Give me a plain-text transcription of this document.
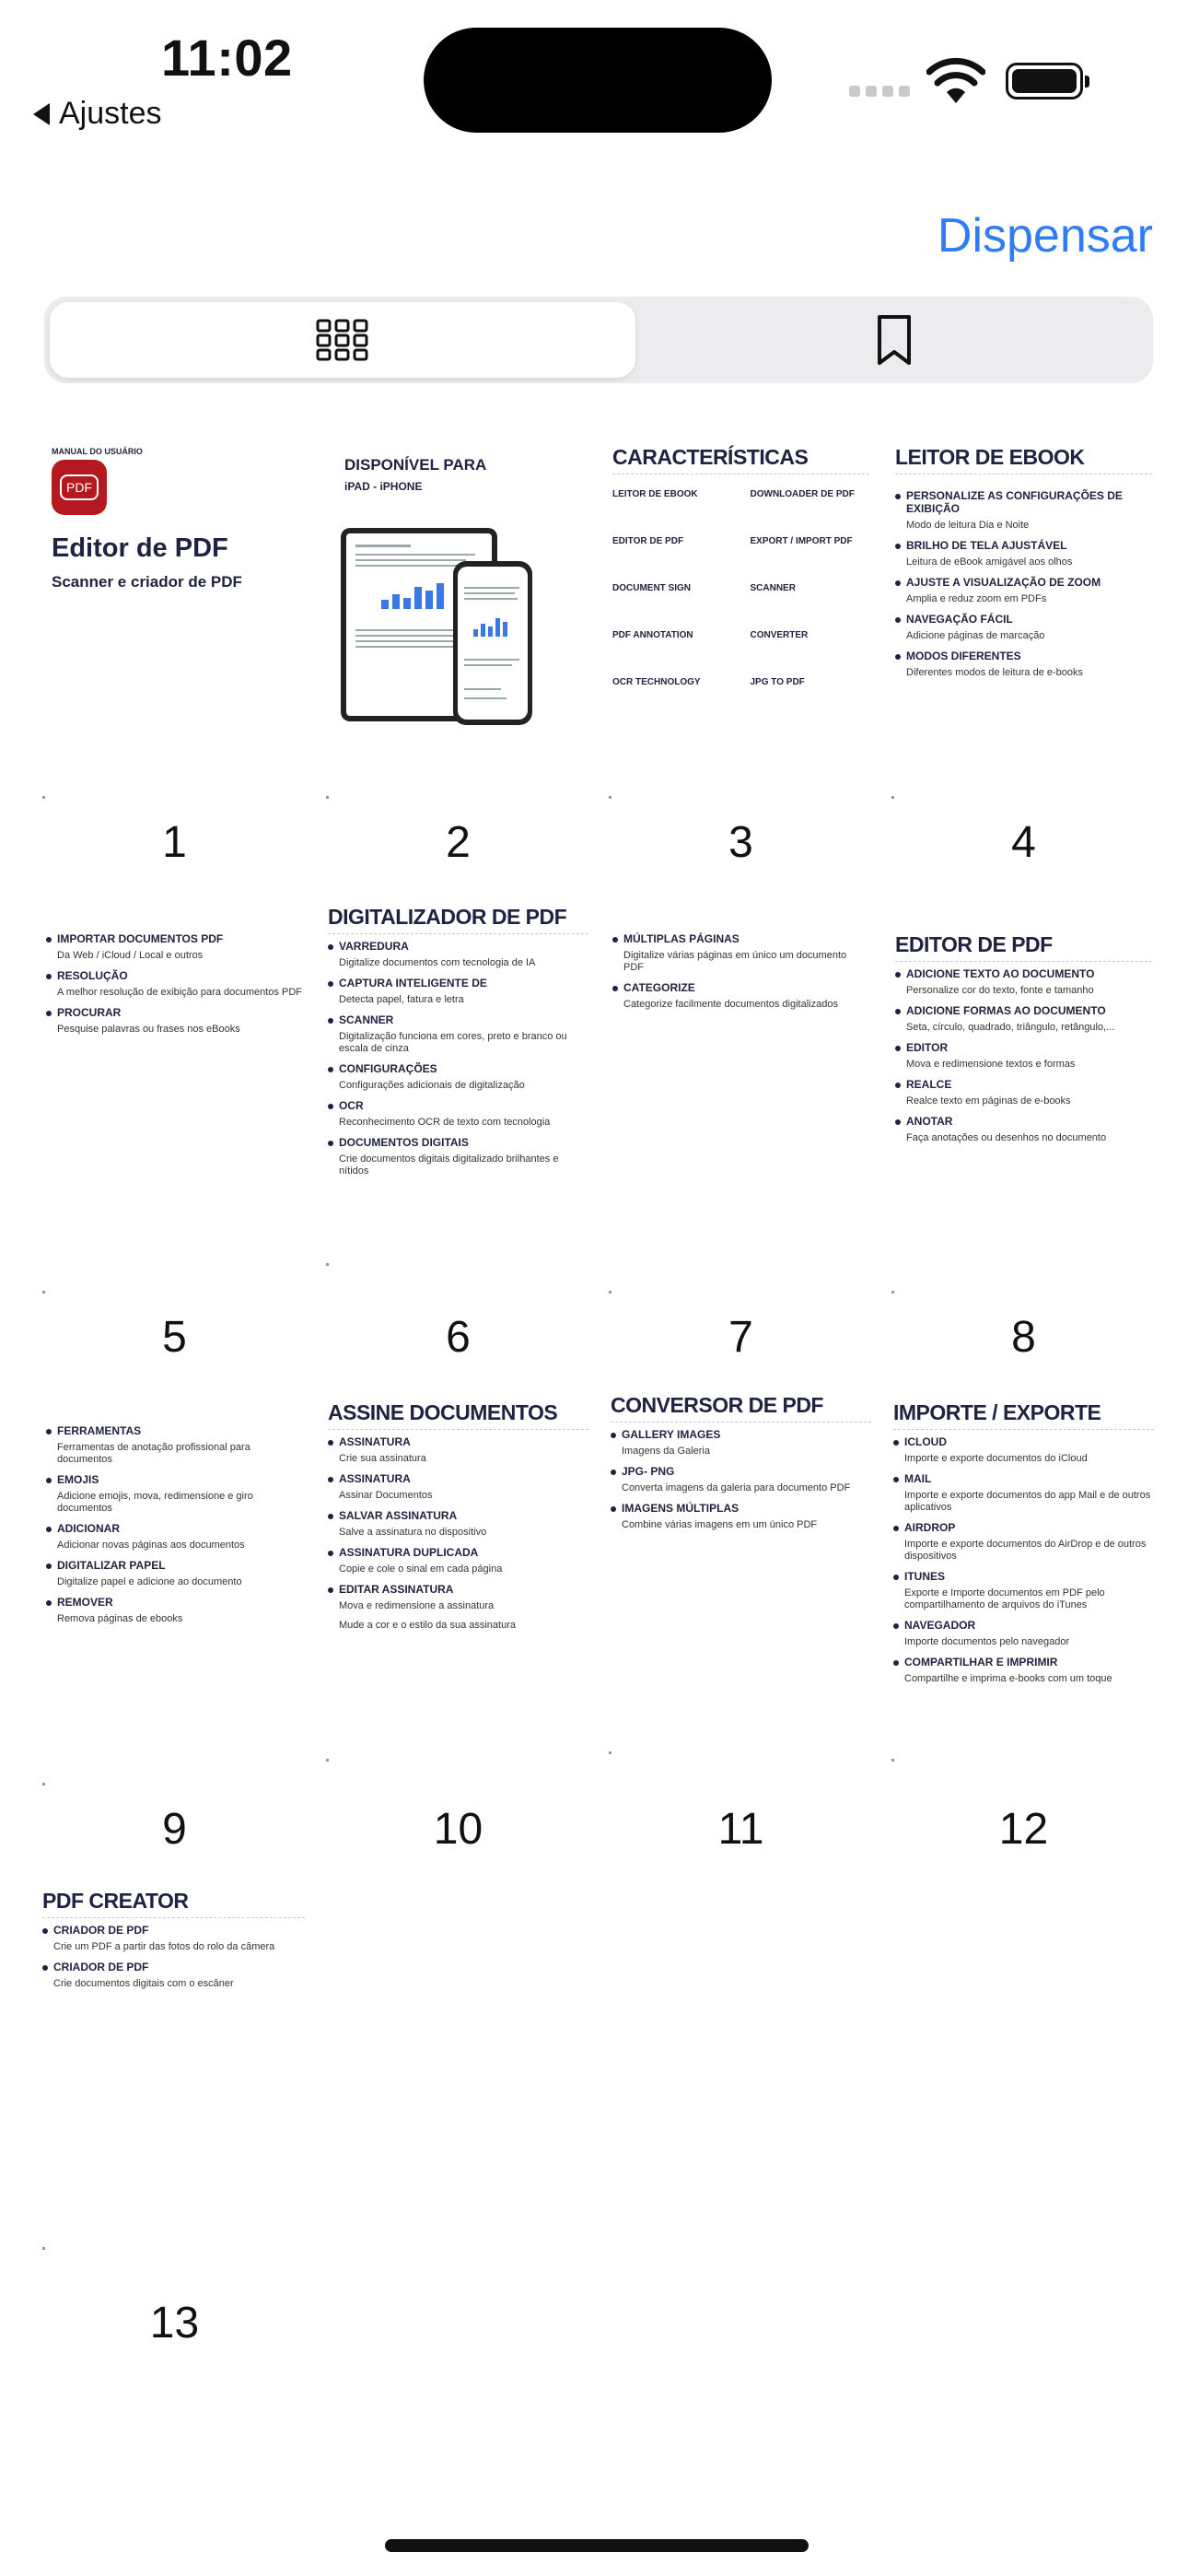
11:02
Ajustes
Dispensar
MANUAL DO USUÁRIO
PDF
Editor de PDF
Scanner e criador de PDF
1
DISPONÍVEL PARA
iPAD - iPHONE
2
CARACTERÍSTICAS
LEITOR DE EBOOK	DOWNLOADER DE PDF
EDITOR DE PDF	EXPORT / IMPORT PDF
DOCUMENT SIGN	SCANNER
PDF ANNOTATION	CONVERTER
OCR TECHNOLOGY	JPG TO PDF
3
LEITOR DE EBOOK
PERSONALIZE AS CONFIGURAÇÕES DE EXIBIÇÃO
Modo de leitura Dia e Noite
BRILHO DE TELA AJUSTÁVEL
Leitura de eBook amigável aos olhos
AJUSTE A VISUALIZAÇÃO DE ZOOM
Amplia e reduz zoom em PDFs
NAVEGAÇÃO FÁCIL
Adicione páginas de marcação
MODOS DIFERENTES
Diferentes modos de leitura de e-books
4
IMPORTAR DOCUMENTOS PDF
Da Web / iCloud / Local e outros
RESOLUÇÃO
A melhor resolução de exibição para documentos PDF
PROCURAR
Pesquise palavras ou frases nos eBooks
5
DIGITALIZADOR DE PDF
VARREDURA
Digitalize documentos com tecnologia de IA
CAPTURA INTELIGENTE DE
Detecta papel, fatura e letra
SCANNER
Digitalização funciona em cores, preto e branco ou escala de cinza
CONFIGURAÇÕES
Configurações adicionais de digitalização
OCR
Reconhecimento OCR de texto com tecnologia
DOCUMENTOS DIGITAIS
Crie documentos digitais digitalizado brilhantes e nítidos
6
MÚLTIPLAS PÁGINAS
Digitalize várias páginas em único um documento PDF
CATEGORIZE
Categorize facilmente documentos digitalizados
7
EDITOR DE PDF
ADICIONE TEXTO AO DOCUMENTO
Personalize cor do texto, fonte e tamanho
ADICIONE FORMAS AO DOCUMENTO
Seta, círculo, quadrado, triângulo, retângulo,...
EDITOR
Mova e redimensione textos e formas
REALCE
Realce texto em páginas de e-books
ANOTAR
Faça anotações ou desenhos no documento
8
FERRAMENTAS
Ferramentas de anotação profissional para documentos
EMOJIS
Adicione emojis, mova, redimensione e giro documentos
ADICIONAR
Adicionar novas páginas aos documentos
DIGITALIZAR PAPEL
Digitalize papel e adicione ao documento
REMOVER
Remova páginas de ebooks
9
ASSINE DOCUMENTOS
ASSINATURA
Crie sua assinatura
ASSINATURA
Assinar Documentos
SALVAR ASSINATURA
Salve a assinatura no dispositivo
ASSINATURA DUPLICADA
Copie e cole o sinal em cada página
EDITAR ASSINATURA
Mova e redimensione a assinatura
Mude a cor e o estilo da sua assinatura
10
CONVERSOR DE PDF
GALLERY IMAGES
Imagens da Galeria
JPG- PNG
Converta imagens da galeria para documento PDF
IMAGENS MÚLTIPLAS
Combine várias imagens em um único PDF
11
IMPORTE / EXPORTE
ICLOUD
Importe e exporte documentos do iCloud
MAIL
Importe e exporte documentos do app Mail e de outros aplicativos
AIRDROP
Importe e exporte documentos do AirDrop e de outros dispositivos
ITUNES
Exporte e Importe documentos em PDF pelo compartilhamento de arquivos do iTunes
NAVEGADOR
Importe documentos pelo navegador
COMPARTILHAR E IMPRIMIR
Compartilhe e imprima e-books com um toque
12
PDF CREATOR
CRIADOR DE PDF
Crie um PDF a partir das fotos do rolo da câmera
CRIADOR DE PDF
Crie documentos digitais com o escâner
13
